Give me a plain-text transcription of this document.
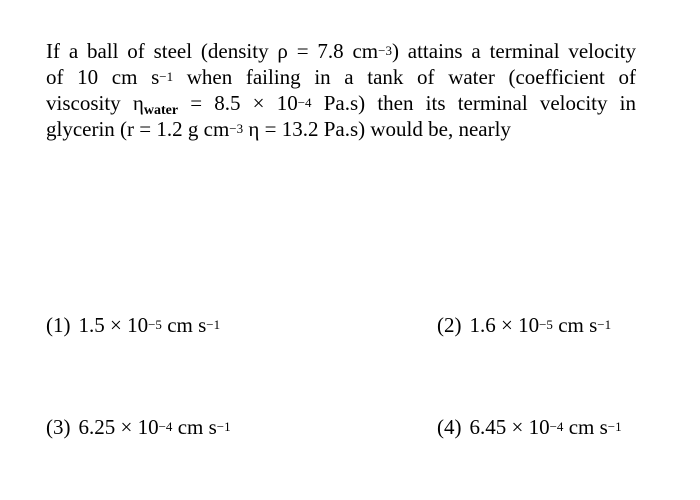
If a ball of steel (density ρ = 7.8 $cm^{-3}$) attains a terminal velocity
of 10 cm $s^{-1}$ when failing in a tank of water (coefficient of
viscosity $\eta_{water} = 8.5 \times 10^{-4}$ Pa.s) then its terminal velocity in
glycerin (r = 1.2 g $cm^{-3}$ η = 13.2 Pa.s) would be, nearly
(1) $1.5 \times 10^{-5}$ cm $s^{-1}$	(2) $1.6 \times 10^{-5}$ cm $s^{-1}$
(3) $6.25 \times 10^{-4}$ cm $s^{-1}$	(4) $6.45 \times 10^{-4}$ cm $s^{-1}$
